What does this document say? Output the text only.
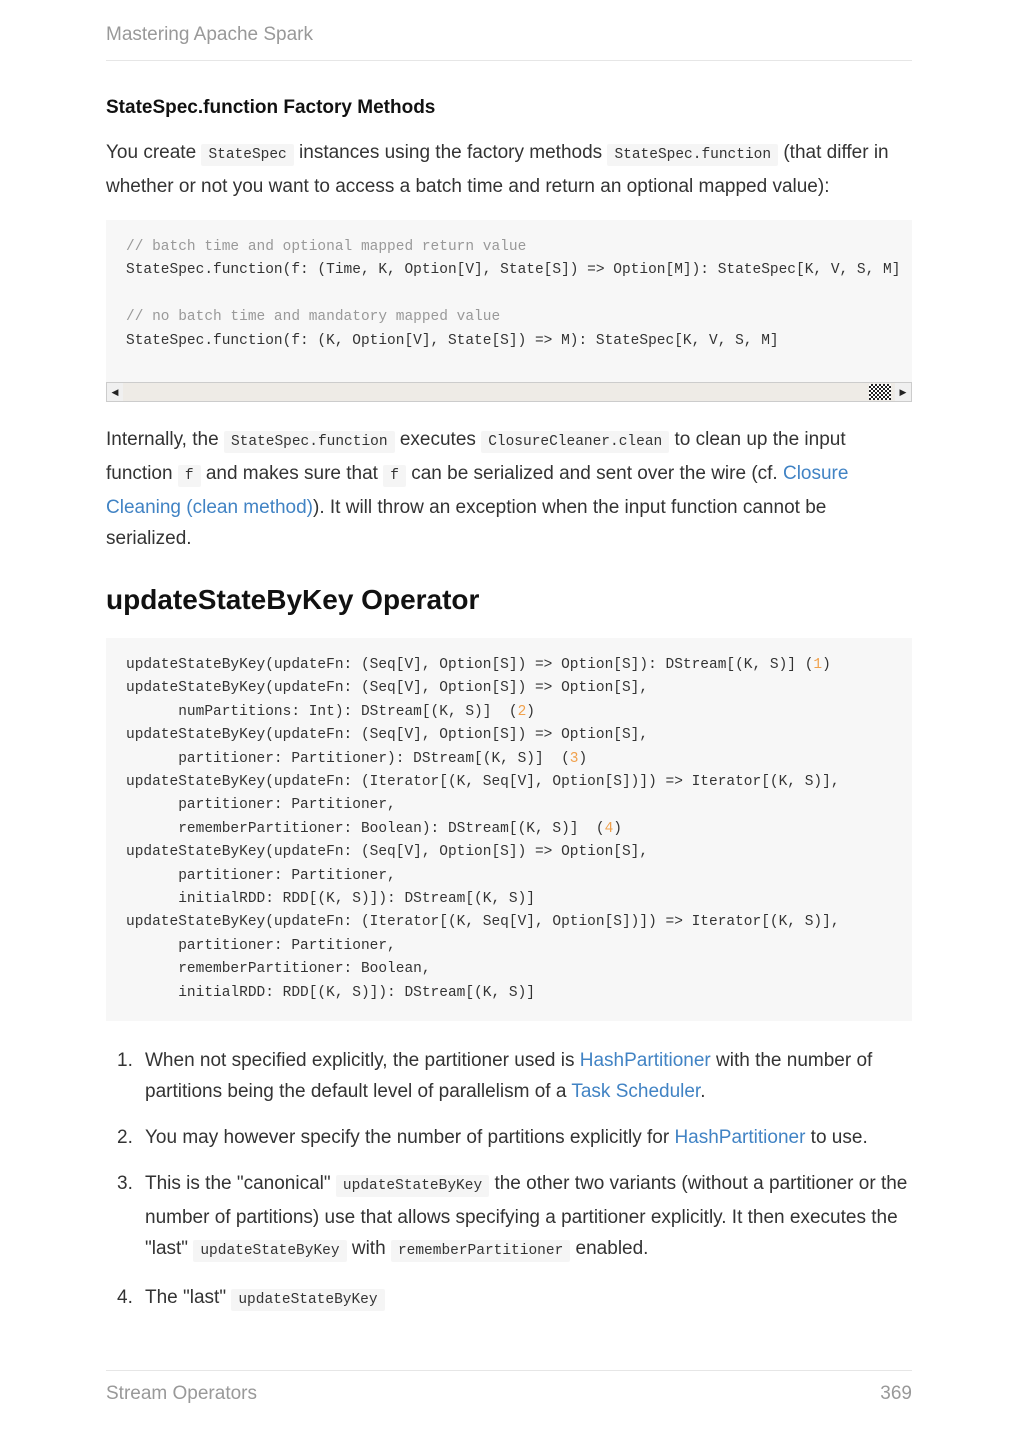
Mastering Apache Spark
StateSpec.function Factory Methods

You create StateSpec instances using the factory methods StateSpec.function (that differ in whether or not you want to access a batch time and return an optional mapped value):

// batch time and optional mapped return value
StateSpec.function(f: (Time, K, Option[V], State[S]) => Option[M]): StateSpec[K, V, S, M]

// no batch time and mandatory mapped value
StateSpec.function(f: (K, Option[V], State[S]) => M): StateSpec[K, V, S, M]
◀	▶

Internally, the StateSpec.function executes ClosureCleaner.clean to clean up the input function f and makes sure that f can be serialized and sent over the wire (cf. Closure Cleaning (clean method)). It will throw an exception when the input function cannot be serialized.

updateStateByKey Operator
updateStateByKey(updateFn: (Seq[V], Option[S]) => Option[S]): DStream[(K, S)] (1)
updateStateByKey(updateFn: (Seq[V], Option[S]) => Option[S],
numPartitions: Int): DStream[(K, S)]  (2)
updateStateByKey(updateFn: (Seq[V], Option[S]) => Option[S],
partitioner: Partitioner): DStream[(K, S)]  (3)
updateStateByKey(updateFn: (Iterator[(K, Seq[V], Option[S])]) => Iterator[(K, S)],
partitioner: Partitioner,
rememberPartitioner: Boolean): DStream[(K, S)]  (4)
updateStateByKey(updateFn: (Seq[V], Option[S]) => Option[S],
partitioner: Partitioner,
initialRDD: RDD[(K, S)]): DStream[(K, S)]
updateStateByKey(updateFn: (Iterator[(K, Seq[V], Option[S])]) => Iterator[(K, S)],
partitioner: Partitioner,
rememberPartitioner: Boolean,
initialRDD: RDD[(K, S)]): DStream[(K, S)]
1. When not specified explicitly, the partitioner used is HashPartitioner with the number of partitions being the default level of parallelism of a Task Scheduler.
2. You may however specify the number of partitions explicitly for HashPartitioner to use.
3. This is the "canonical" updateStateByKey the other two variants (without a partitioner or the number of partitions) use that allows specifying a partitioner explicitly. It then executes the "last" updateStateByKey with rememberPartitioner enabled.
4. The "last" updateStateByKey
Stream Operators	369
